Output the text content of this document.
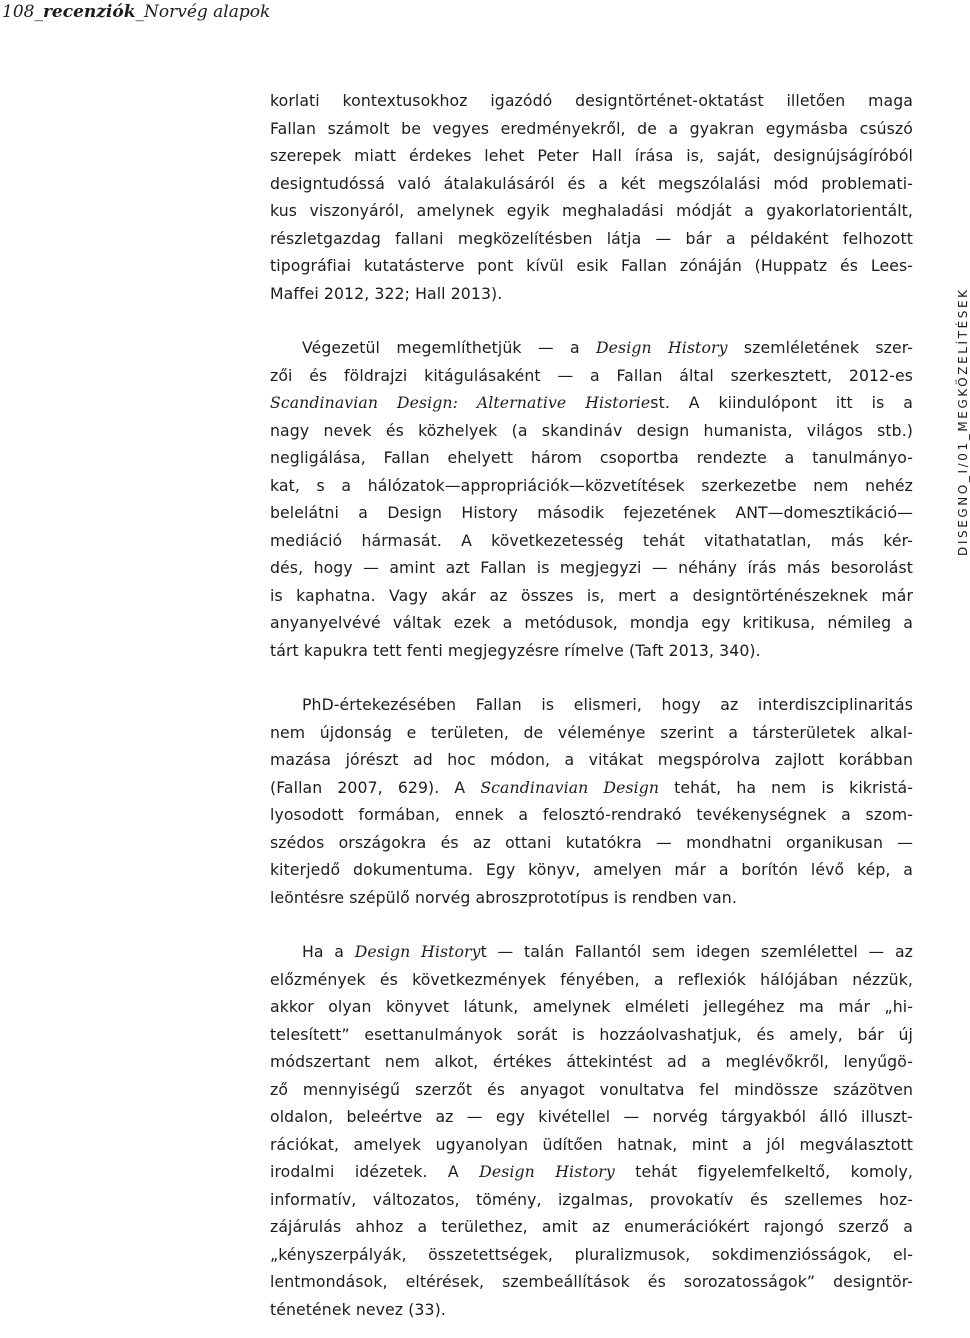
108_recenziók_Norvég alapok
DISEGNO_I/01_MEGKÖZELÍTÉSEK
korlati kontextusokhoz igazódó designtörténet-oktatást illetően maga
Fallan számolt be vegyes eredményekről, de a gyakran egymásba csúszó
szerepek miatt érdekes lehet Peter Hall írása is, saját, designújságíróból
designtudóssá való átalakulásáról és a két megszólalási mód problemati-
kus viszonyáról, amelynek egyik meghaladási módját a gyakorlatorientált,
részletgazdag fallani megközelítésben látja — bár a példaként felhozott
tipográfiai kutatásterve pont kívül esik Fallan zónáján (Huppatz és Lees-
Maffei 2012, 322; Hall 2013).
Végezetül megemlíthetjük — a Design History szemléletének szer-
zői és földrajzi kitágulásaként — a Fallan által szerkesztett, 2012-es
Scandinavian Design: Alternative Historiest. A kiindulópont itt is a
nagy nevek és közhelyek (a skandináv design humanista, világos stb.)
negligálása, Fallan ehelyett három csoportba rendezte a tanulmányo-
kat, s a hálózatok—appropriációk—közvetítések szerkezetbe nem nehéz
belelátni a Design History második fejezetének ANT—domesztikáció—
mediáció hármasát. A következetesség tehát vitathatatlan, más kér-
dés, hogy — amint azt Fallan is megjegyzi — néhány írás más besorolást
is kaphatna. Vagy akár az összes is, mert a designtörténészeknek már
anyanyelvévé váltak ezek a metódusok, mondja egy kritikusa, némileg a
tárt kapukra tett fenti megjegyzésre rímelve (Taft 2013, 340).
PhD-értekezésében Fallan is elismeri, hogy az interdiszciplinaritás
nem újdonság e területen, de véleménye szerint a társterületek alkal-
mazása jórészt ad hoc módon, a vitákat megspórolva zajlott korábban
(Fallan 2007, 629). A Scandinavian Design tehát, ha nem is kikristá-
lyosodott formában, ennek a felosztó-rendrakó tevékenységnek a szom-
szédos országokra és az ottani kutatókra — mondhatni organikusan —
kiterjedő dokumentuma. Egy könyv, amelyen már a borítón lévő kép, a
leöntésre szépülő norvég abroszprototípus is rendben van.
Ha a Design Historyt — talán Fallantól sem idegen szemlélettel — az
előzmények és következmények fényében, a reflexiók hálójában nézzük,
akkor olyan könyvet látunk, amelynek elméleti jellegéhez ma már „hi-
telesített” esettanulmányok sorát is hozzáolvashatjuk, és amely, bár új
módszertant nem alkot, értékes áttekintést ad a meglévőkről, lenyűgö-
ző mennyiségű szerzőt és anyagot vonultatva fel mindössze százötven
oldalon, beleértve az — egy kivétellel — norvég tárgyakból álló illuszt-
rációkat, amelyek ugyanolyan üdítően hatnak, mint a jól megválasztott
irodalmi idézetek. A Design History tehát figyelemfelkeltő, komoly,
informatív, változatos, tömény, izgalmas, provokatív és szellemes hoz-
zájárulás ahhoz a területhez, amit az enumerációkért rajongó szerző a
„kényszerpályák, összetettségek, pluralizmusok, sokdimenziósságok, el-
lentmondások, eltérések, szembeállítások és sorozatosságok” designtör-
ténetének nevez (33).
